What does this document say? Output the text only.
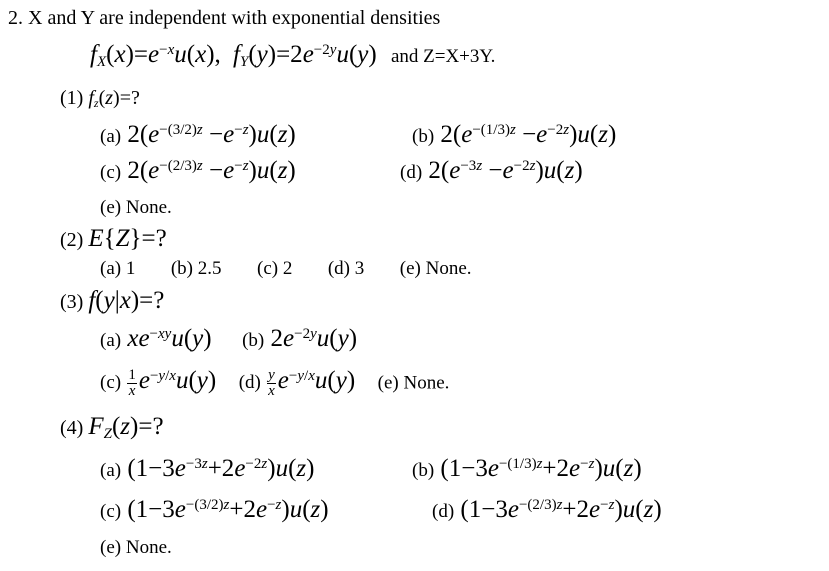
2. X and Y are independent with exponential densities
$f_X(x)=e^{-x}u(x)$, $f_Y(y)=2e^{-2y}u(y)$ and Z=X+3Y.
(1) $f_z(z)=$?
(a) $2(e^{-(3/2)z} -e^{-z})u(z)$	(b) $2(e^{-(1/3)z} -e^{-2z})u(z)$
(c) $2(e^{-(2/3)z} -e^{-z})u(z)$	(d) $2(e^{-3z} -e^{-2z})u(z)$
(e) None.
(2) E{Z}=?
(a) 1 (b) 2.5 (c) 2 (d) 3 (e) None.
(3) f(y|x)=?
(a) $xe^{-xy}u(y)$ (b) $2e^{-2y}u(y)$
$(c) \frac{1}{x} e^{-y/x}u(y)$ $(d) \frac{y}{x} e^{-y/x}u(y)$ (e) None.
(4) $F_Z(z)=$?
(a) $(1-3e^{-3z}+2e^{-2z})u(z)$	(b) $(1-3e^{-(1/3)z}+2e^{-z})u(z)$
(c) $(1-3e^{-(3/2)z}+2e^{-z})u(z)$	(d) $(1-3e^{-(2/3)z}+2e^{-z})u(z)$
(e) None.
